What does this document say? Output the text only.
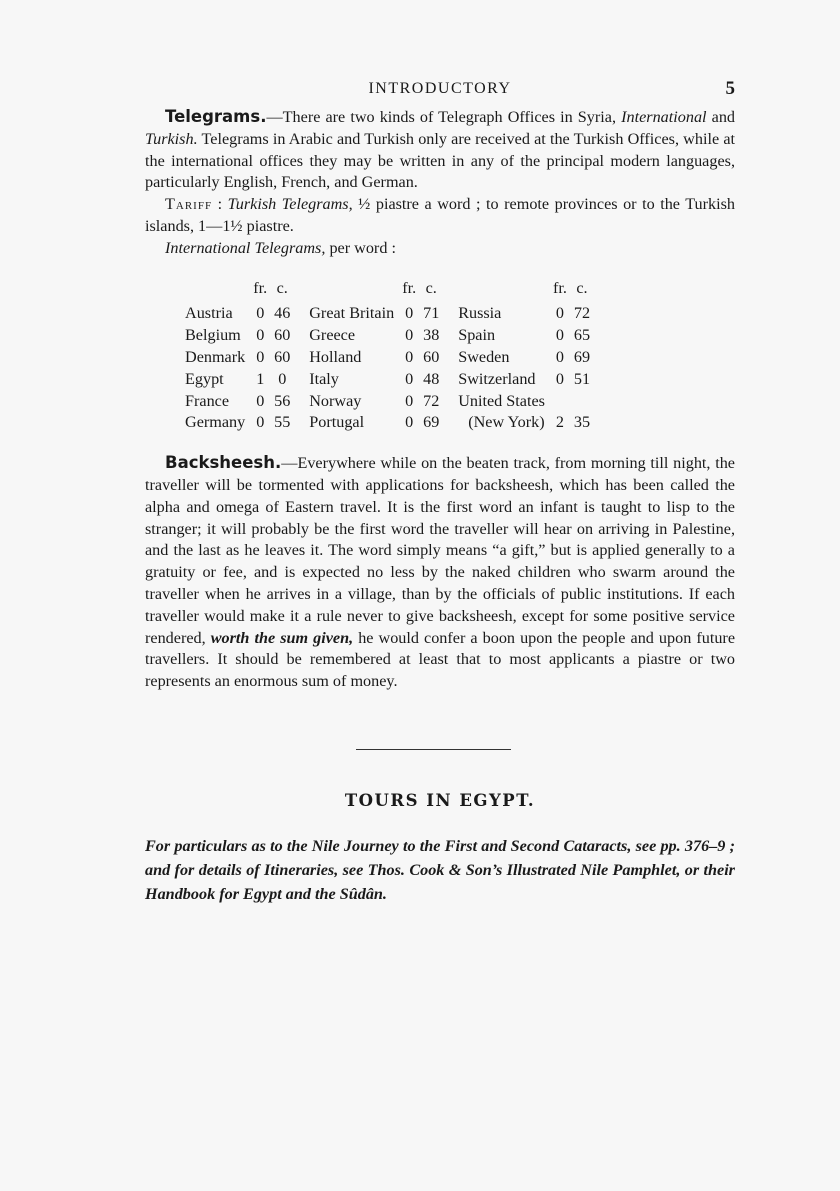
INTRODUCTORY	5

Telegrams.—There are two kinds of Telegraph Offices in Syria, International and Turkish. Telegrams in Arabic and Turkish only are received at the Turkish Offices, while at the international offices they may be written in any of the principal modern languages, particularly English, French, and German.

Tariff : Turkish Telegrams, ½ piastre a word ; to remote provinces or to the Turkish islands, 1—1½ piastre.

International Telegrams, per word :

	fr.	c.			fr.	c.			fr.	c.
Austria	0	46		Great Britain	0	71		Russia	0	72
Belgium	0	60		Greece	0	38		Spain	0	65
Denmark	0	60		Holland	0	60		Sweden	0	69
Egypt	1	0		Italy	0	48		Switzerland	0	51
France	0	56		Norway	0	72		United States		
Germany	0	55		Portugal	0	69		(New York)	2	35

Backsheesh.—Everywhere while on the beaten track, from morning till night, the traveller will be tormented with applications for backsheesh, which has been called the alpha and omega of Eastern travel. It is the first word an infant is taught to lisp to the stranger; it will probably be the first word the traveller will hear on arriving in Palestine, and the last as he leaves it. The word simply means “a gift,” but is applied generally to a gratuity or fee, and is expected no less by the naked children who swarm around the traveller when he arrives in a village, than by the officials of public institutions. If each traveller would make it a rule never to give backsheesh, except for some positive service rendered, worth the sum given, he would confer a boon upon the people and upon future travellers. It should be remembered at least that to most applicants a piastre or two represents an enormous sum of money.

TOURS IN EGYPT.

For particulars as to the Nile Journey to the First and Second Cataracts, see pp. 376–9 ; and for details of Itineraries, see Thos. Cook & Son’s Illustrated Nile Pamphlet, or their Handbook for Egypt and the Sûdân.
